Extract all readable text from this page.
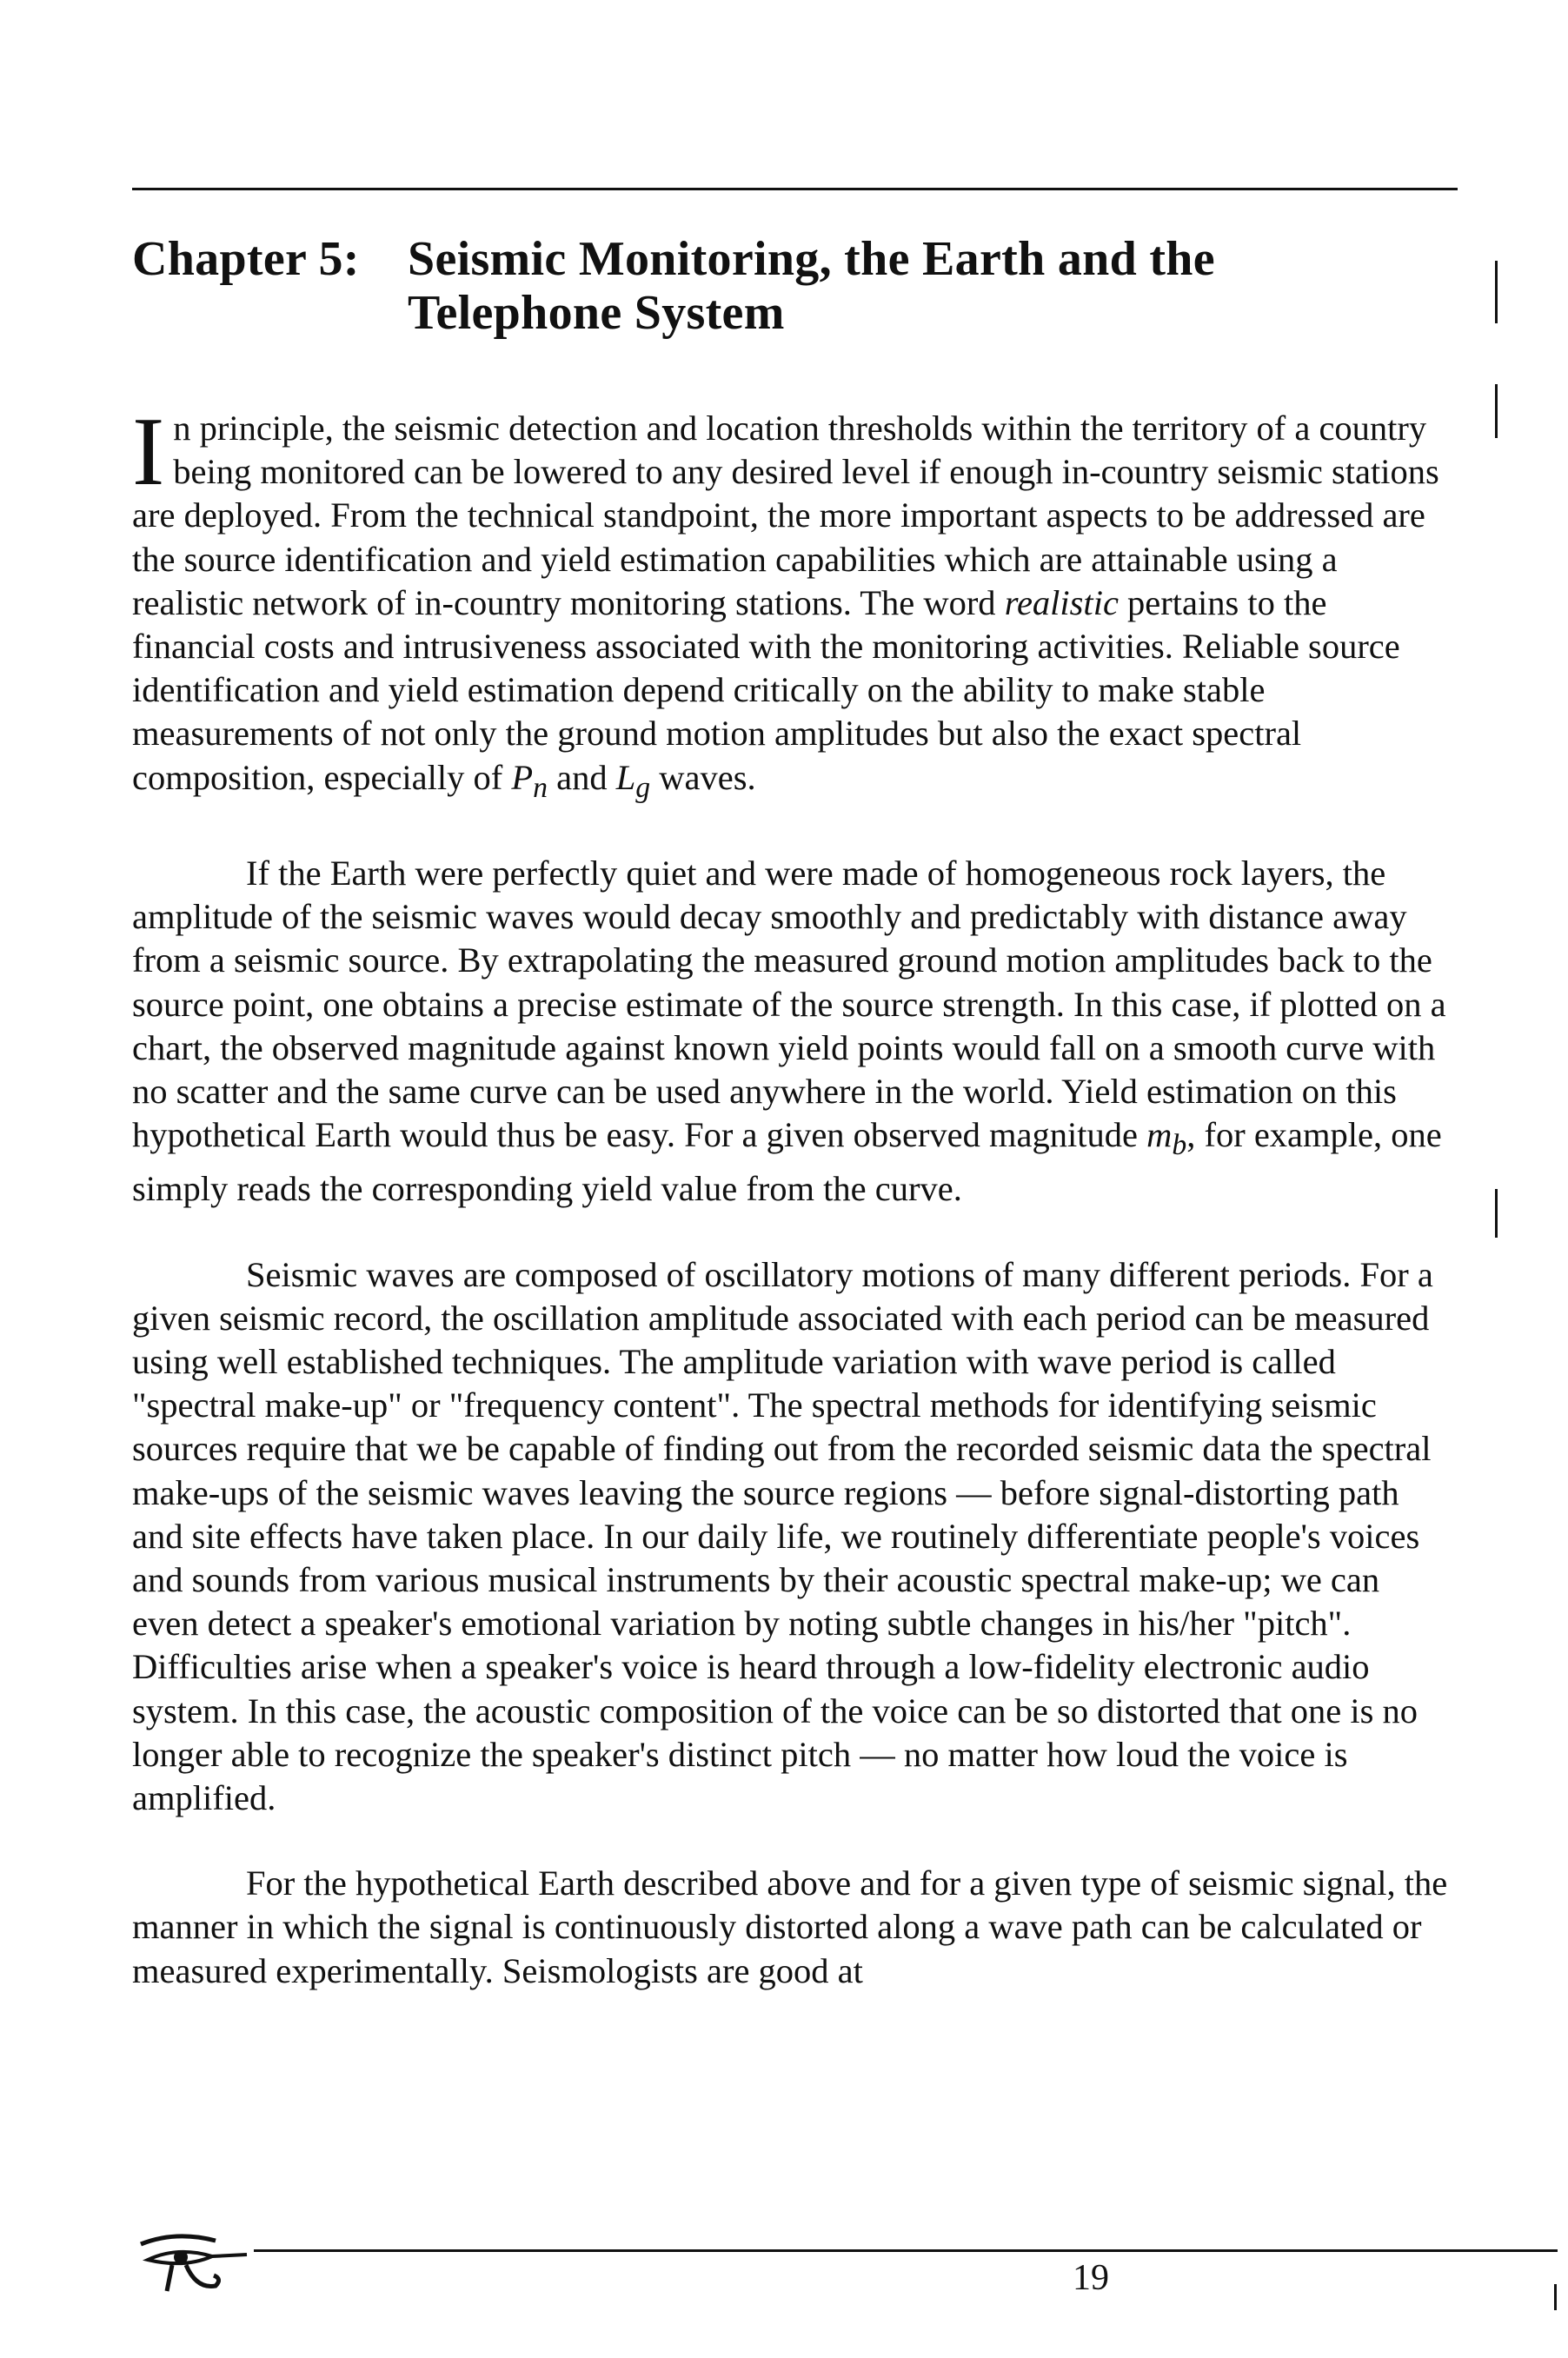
Chapter 5: Seismic Monitoring, the Earth and the
Telephone System

In principle, the seismic detection and location thresholds within the territory of a country being monitored can be lowered to any desired level if enough in-country seismic stations are deployed. From the technical standpoint, the more important aspects to be addressed are the source identification and yield estimation capabilities which are attainable using a realistic network of in-country monitoring stations. The word realistic pertains to the financial costs and intrusiveness associated with the monitoring activities. Reliable source identification and yield estimation depend critically on the ability to make stable measurements of not only the ground motion amplitudes but also the exact spectral composition, especially of $P_n$ and $L_g$ waves.

If the Earth were perfectly quiet and were made of homogeneous rock layers, the amplitude of the seismic waves would decay smoothly and predictably with distance away from a seismic source. By extrapolating the measured ground motion amplitudes back to the source point, one obtains a precise estimate of the source strength. In this case, if plotted on a chart, the observed magnitude against known yield points would fall on a smooth curve with no scatter and the same curve can be used anywhere in the world. Yield estimation on this hypothetical Earth would thus be easy. For a given observed magnitude $m_b$, for example, one simply reads the corresponding yield value from the curve.

Seismic waves are composed of oscillatory motions of many different periods. For a given seismic record, the oscillation amplitude associated with each period can be measured using well established techniques. The amplitude variation with wave period is called "spectral make-up" or "frequency content". The spectral methods for identifying seismic sources require that we be capable of finding out from the recorded seismic data the spectral make-ups of the seismic waves leaving the source regions — before signal-distorting path and site effects have taken place. In our daily life, we routinely differentiate people's voices and sounds from various musical instruments by their acoustic spectral make-up; we can even detect a speaker's emotional variation by noting subtle changes in his/her "pitch". Difficulties arise when a speaker's voice is heard through a low-fidelity electronic audio system. In this case, the acoustic composition of the voice can be so distorted that one is no longer able to recognize the speaker's distinct pitch — no matter how loud the voice is amplified.

For the hypothetical Earth described above and for a given type of seismic signal, the manner in which the signal is continuously distorted along a wave path can be calculated or measured experimentally. Seismologists are good at

19
